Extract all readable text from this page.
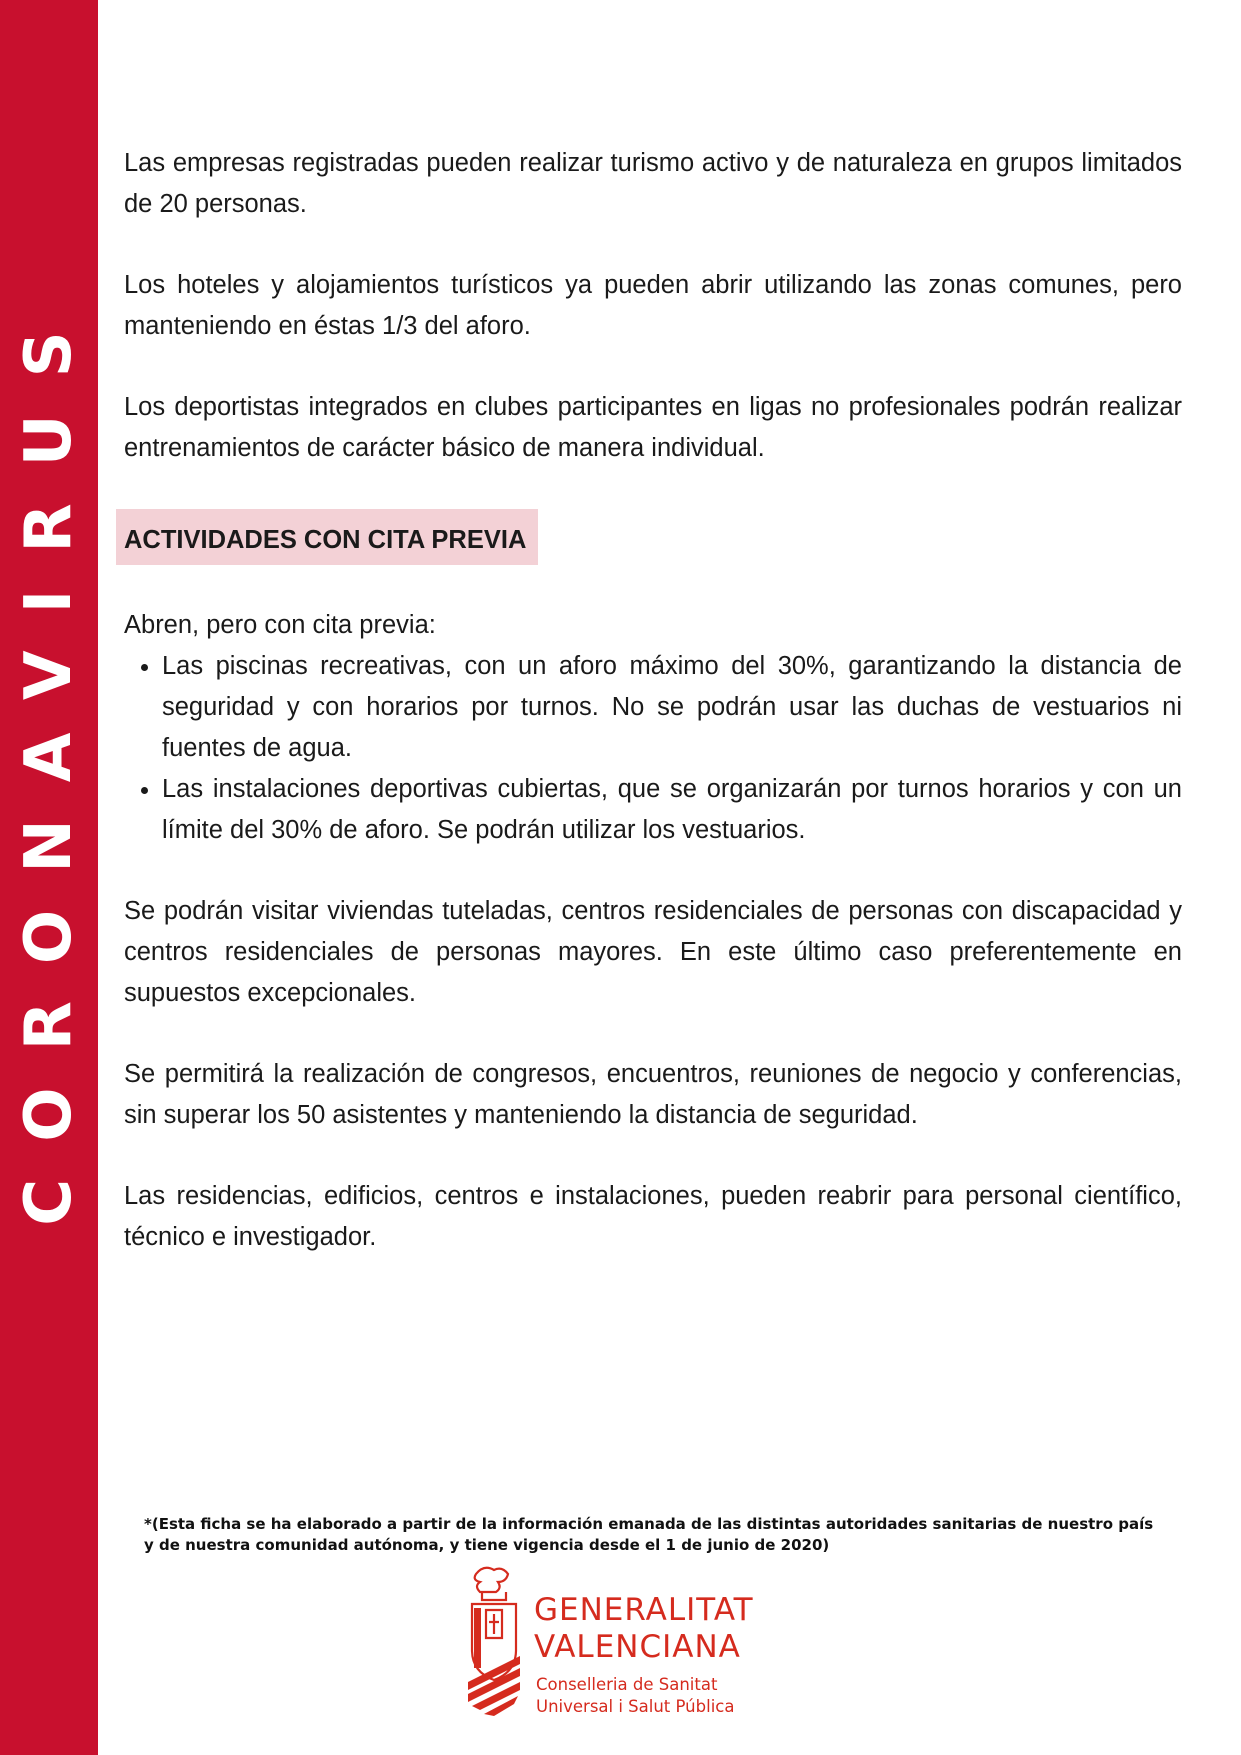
CORONAVIRUS

Las empresas registradas pueden realizar turismo activo y de naturaleza en grupos limitados de 20 personas.

Los hoteles y alojamientos turísticos ya pueden abrir utilizando las zonas comunes, pero manteniendo en éstas 1/3 del aforo.

Los deportistas integrados en clubes participantes en ligas no profesionales podrán realizar entrenamientos de carácter básico de manera individual.

ACTIVIDADES CON CITA PREVIA

Abren, pero con cita previa:

• Las piscinas recreativas, con un aforo máximo del 30%, garantizando la distancia de seguridad y con horarios por turnos. No se podrán usar las duchas de vestuarios ni fuentes de agua.
• Las instalaciones deportivas cubiertas, que se organizarán por turnos horarios y con un límite del 30% de aforo. Se podrán utilizar los vestuarios.

Se podrán visitar viviendas tuteladas, centros residenciales de personas con discapacidad y centros residenciales de personas mayores. En este último caso preferentemente en supuestos excepcionales.

Se permitirá la realización de congresos, encuentros, reuniones de negocio y conferencias, sin superar los 50 asistentes y manteniendo la distancia de seguridad.

Las residencias, edificios, centros e instalaciones, pueden reabrir para personal científico, técnico e investigador.

*(Esta ficha se ha elaborado a partir de la información emanada de las distintas autoridades sanitarias de nuestro país y de nuestra comunidad autónoma, y tiene vigencia desde el 1 de junio de 2020)
GENERALITAT
VALENCIANA
Conselleria de Sanitat
Universal i Salut Pública
